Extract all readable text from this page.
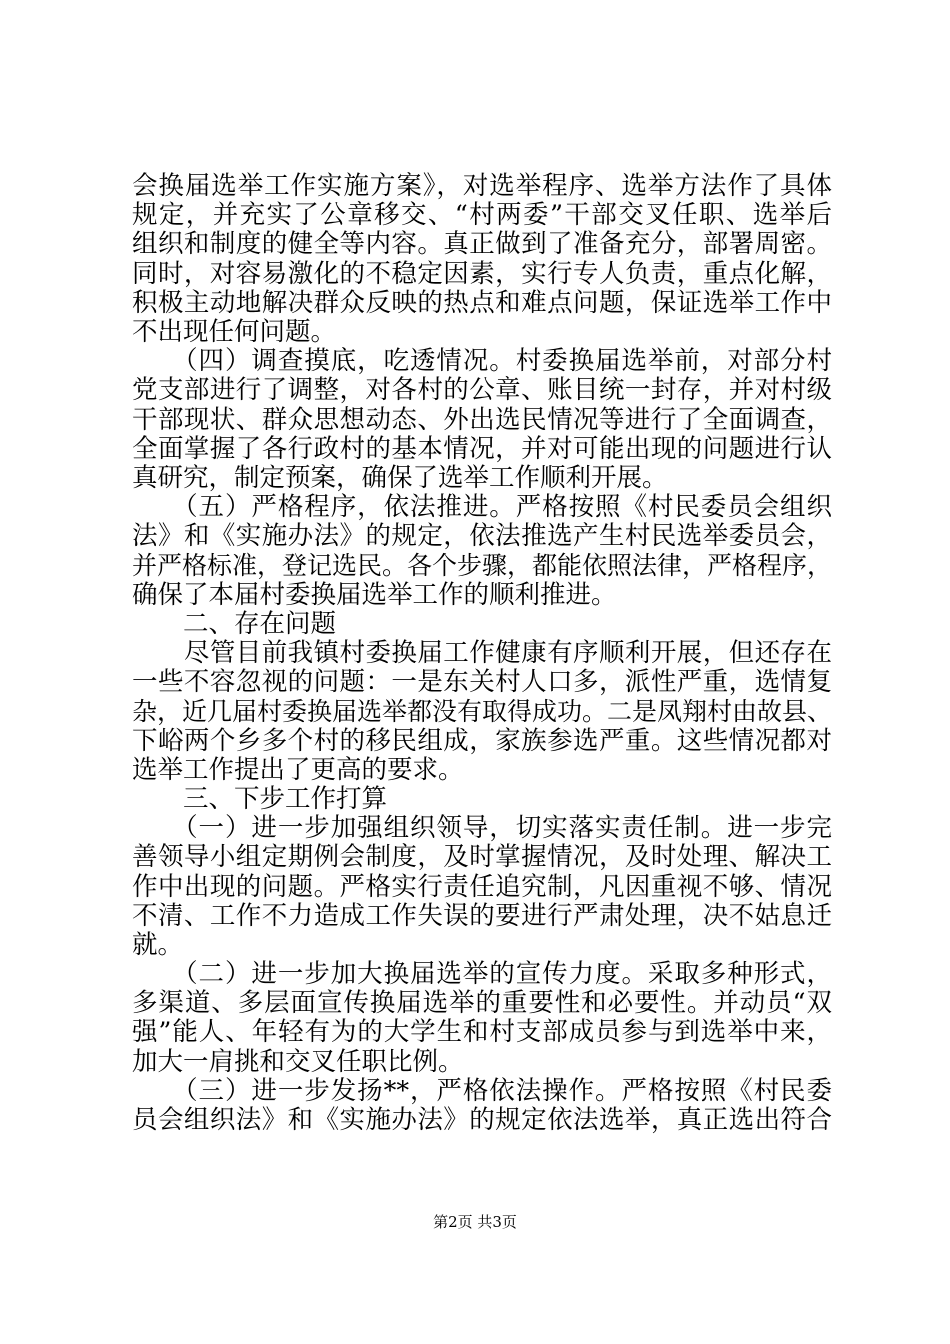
会换届选举工作实施方案》，对选举程序、选举方法作了具体
规定，并充实了公章移交、“村两委”干部交叉任职、选举后
组织和制度的健全等内容。真正做到了准备充分，部署周密。
同时，对容易激化的不稳定因素，实行专人负责，重点化解，
积极主动地解决群众反映的热点和难点问题，保证选举工作中
不出现任何问题。
　　（四）调查摸底，吃透情况。村委换届选举前，对部分村
党支部进行了调整，对各村的公章、账目统一封存，并对村级
干部现状、群众思想动态、外出选民情况等进行了全面调查，
全面掌握了各行政村的基本情况，并对可能出现的问题进行认
真研究，制定预案，确保了选举工作顺利开展。
　　（五）严格程序，依法推进。严格按照《村民委员会组织
法》和《实施办法》的规定，依法推选产生村民选举委员会，
并严格标准，登记选民。各个步骤，都能依照法律，严格程序，
确保了本届村委换届选举工作的顺利推进。
　　二、存在问题
　　尽管目前我镇村委换届工作健康有序顺利开展，但还存在
一些不容忽视的问题：一是东关村人口多，派性严重，选情复
杂，近几届村委换届选举都没有取得成功。二是凤翔村由故县、
下峪两个乡多个村的移民组成，家族参选严重。这些情况都对
选举工作提出了更高的要求。
　　三、下步工作打算
　　（一）进一步加强组织领导，切实落实责任制。进一步完
善领导小组定期例会制度，及时掌握情况，及时处理、解决工
作中出现的问题。严格实行责任追究制，凡因重视不够、情况
不清、工作不力造成工作失误的要进行严肃处理，决不姑息迁
就。
　　（二）进一步加大换届选举的宣传力度。采取多种形式，
多渠道、多层面宣传换届选举的重要性和必要性。并动员“双
强”能人、年轻有为的大学生和村支部成员参与到选举中来，
加大一肩挑和交叉任职比例。
　　（三）进一步发扬**，严格依法操作。严格按照《村民委
员会组织法》和《实施办法》的规定依法选举，真正选出符合
第2页 共3页
